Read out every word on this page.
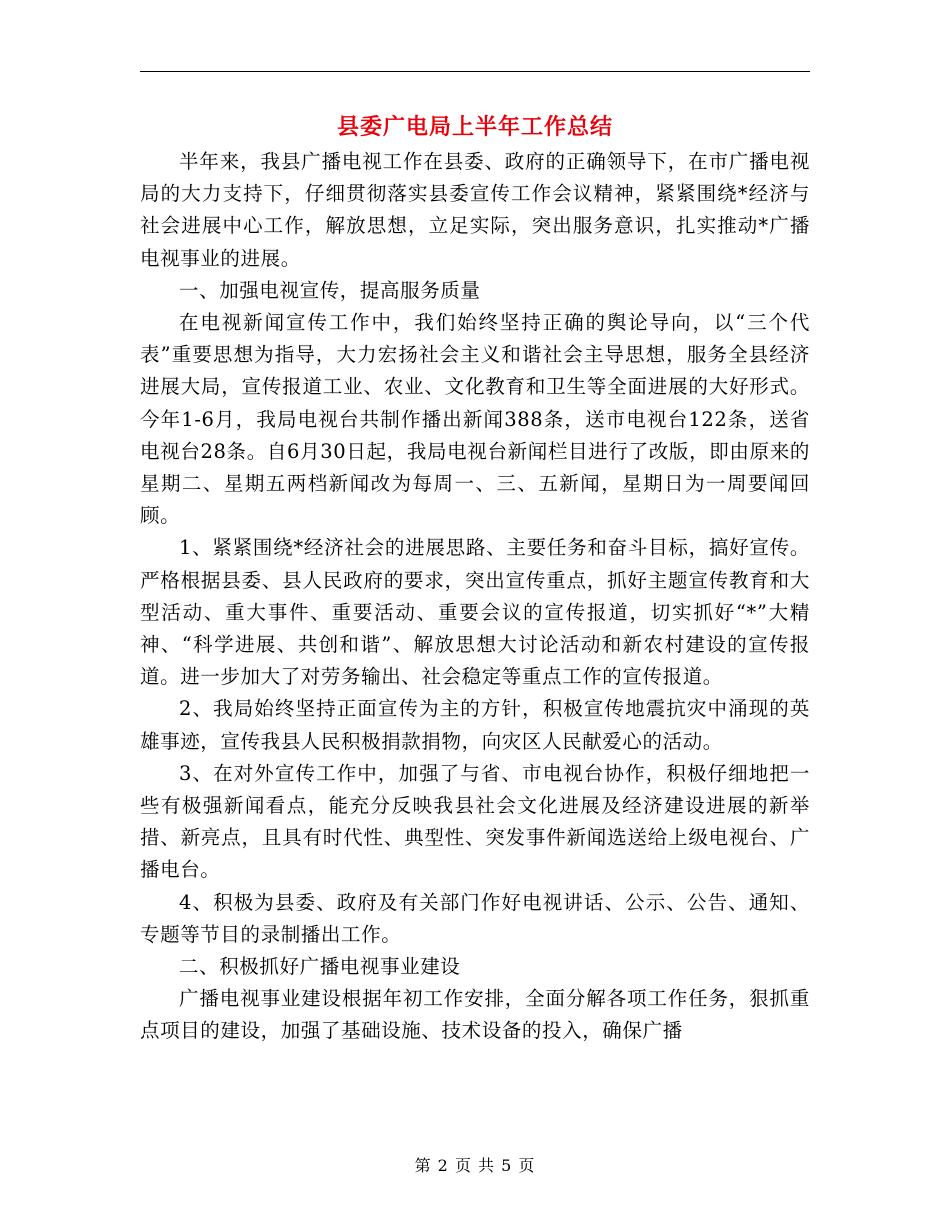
县委广电局上半年工作总结

半年来，我县广播电视工作在县委、政府的正确领导下，在市广播电视局的大力支持下，仔细贯彻落实县委宣传工作会议精神，紧紧围绕*经济与社会进展中心工作，解放思想，立足实际，突出服务意识，扎实推动*广播电视事业的进展。

一、加强电视宣传，提高服务质量

在电视新闻宣传工作中，我们始终坚持正确的舆论导向，以“三个代表”重要思想为指导，大力宏扬社会主义和谐社会主导思想，服务全县经济进展大局，宣传报道工业、农业、文化教育和卫生等全面进展的大好形式。今年1-6月，我局电视台共制作播出新闻388条，送市电视台122条，送省电视台28条。自6月30日起，我局电视台新闻栏目进行了改版，即由原来的星期二、星期五两档新闻改为每周一、三、五新闻，星期日为一周要闻回顾。

1、紧紧围绕*经济社会的进展思路、主要任务和奋斗目标，搞好宣传。严格根据县委、县人民政府的要求，突出宣传重点，抓好主题宣传教育和大型活动、重大事件、重要活动、重要会议的宣传报道，切实抓好“*”大精神、“科学进展、共创和谐”、解放思想大讨论活动和新农村建设的宣传报道。进一步加大了对劳务输出、社会稳定等重点工作的宣传报道。

2、我局始终坚持正面宣传为主的方针，积极宣传地震抗灾中涌现的英雄事迹，宣传我县人民积极捐款捐物，向灾区人民献爱心的活动。

3、在对外宣传工作中，加强了与省、市电视台协作，积极仔细地把一些有极强新闻看点，能充分反映我县社会文化进展及经济建设进展的新举措、新亮点，且具有时代性、典型性、突发事件新闻选送给上级电视台、广播电台。

4、积极为县委、政府及有关部门作好电视讲话、公示、公告、通知、专题等节目的录制播出工作。

二、积极抓好广播电视事业建设

广播电视事业建设根据年初工作安排，全面分解各项工作任务，狠抓重点项目的建设，加强了基础设施、技术设备的投入，确保广播

第 2 页 共 5 页
